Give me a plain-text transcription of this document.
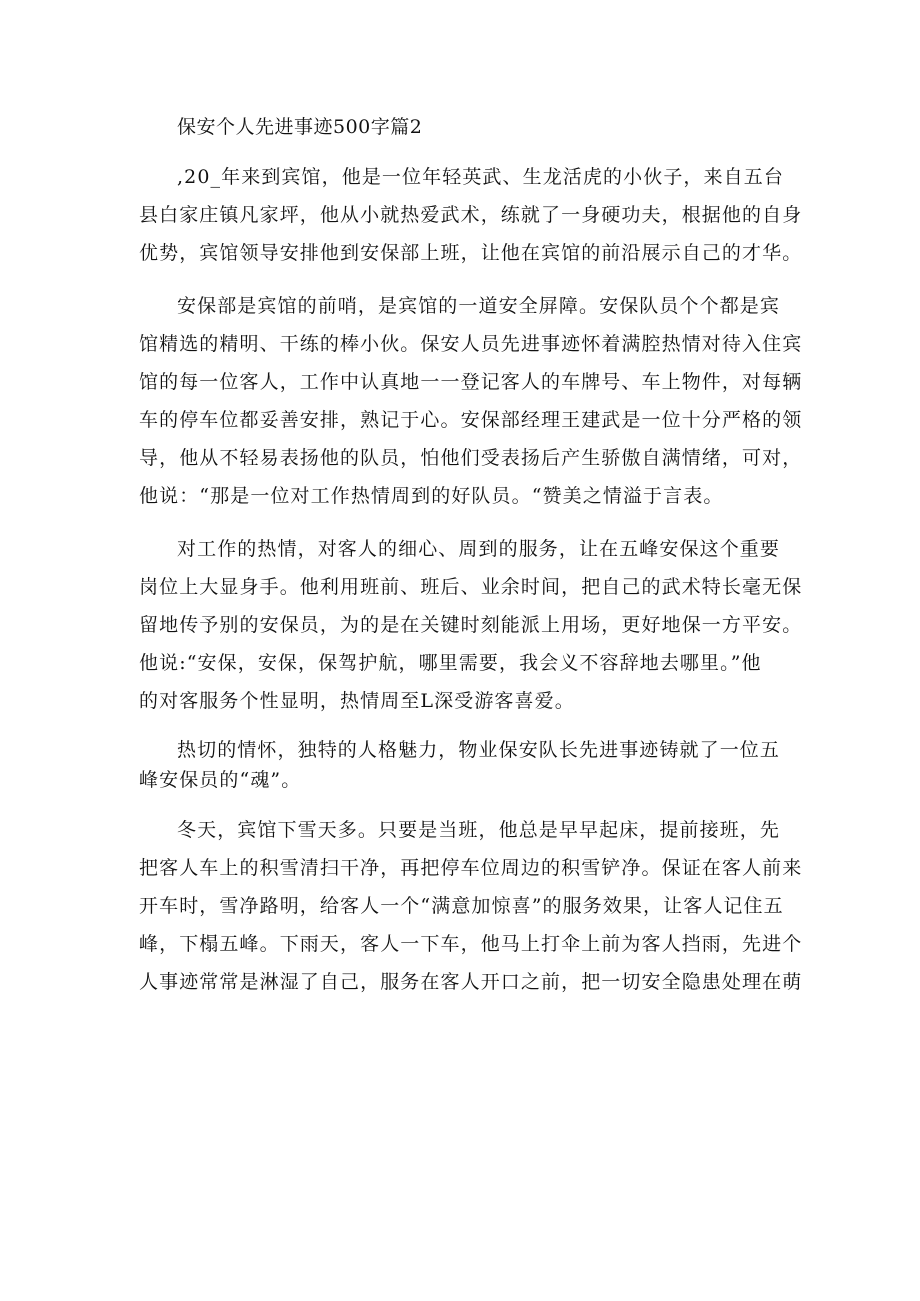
保安个人先进事迹500字篇2
,20_年来到宾馆，他是一位年轻英武、生龙活虎的小伙子，来自五台
县白家庄镇凡家坪，他从小就热爱武术，练就了一身硬功夫，根据他的自身
优势，宾馆领导安排他到安保部上班，让他在宾馆的前沿展示自己的才华。
安保部是宾馆的前哨，是宾馆的一道安全屏障。安保队员个个都是宾
馆精选的精明、干练的棒小伙。保安人员先进事迹怀着满腔热情对待入住宾
馆的每一位客人，工作中认真地一一登记客人的车牌号、车上物件，对每辆
车的停车位都妥善安排，熟记于心。安保部经理王建武是一位十分严格的领
导，他从不轻易表扬他的队员，怕他们受表扬后产生骄傲自满情绪，可对，
他说：“那是一位对工作热情周到的好队员。“赞美之情溢于言表。
对工作的热情，对客人的细心、周到的服务，让在五峰安保这个重要
岗位上大显身手。他利用班前、班后、业余时间，把自己的武术特长毫无保
留地传予别的安保员，为的是在关键时刻能派上用场，更好地保一方平安。
他说:“安保，安保，保驾护航，哪里需要，我会义不容辞地去哪里。”他
的对客服务个性显明，热情周至L深受游客喜爱。
热切的情怀，独特的人格魅力，物业保安队长先进事迹铸就了一位五
峰安保员的“魂”。
冬天，宾馆下雪天多。只要是当班，他总是早早起床，提前接班，先
把客人车上的积雪清扫干净，再把停车位周边的积雪铲净。保证在客人前来
开车时，雪净路明，给客人一个“满意加惊喜”的服务效果，让客人记住五
峰，下榻五峰。下雨天，客人一下车，他马上打伞上前为客人挡雨，先进个
人事迹常常是淋湿了自己，服务在客人开口之前，把一切安全隐患处理在萌
